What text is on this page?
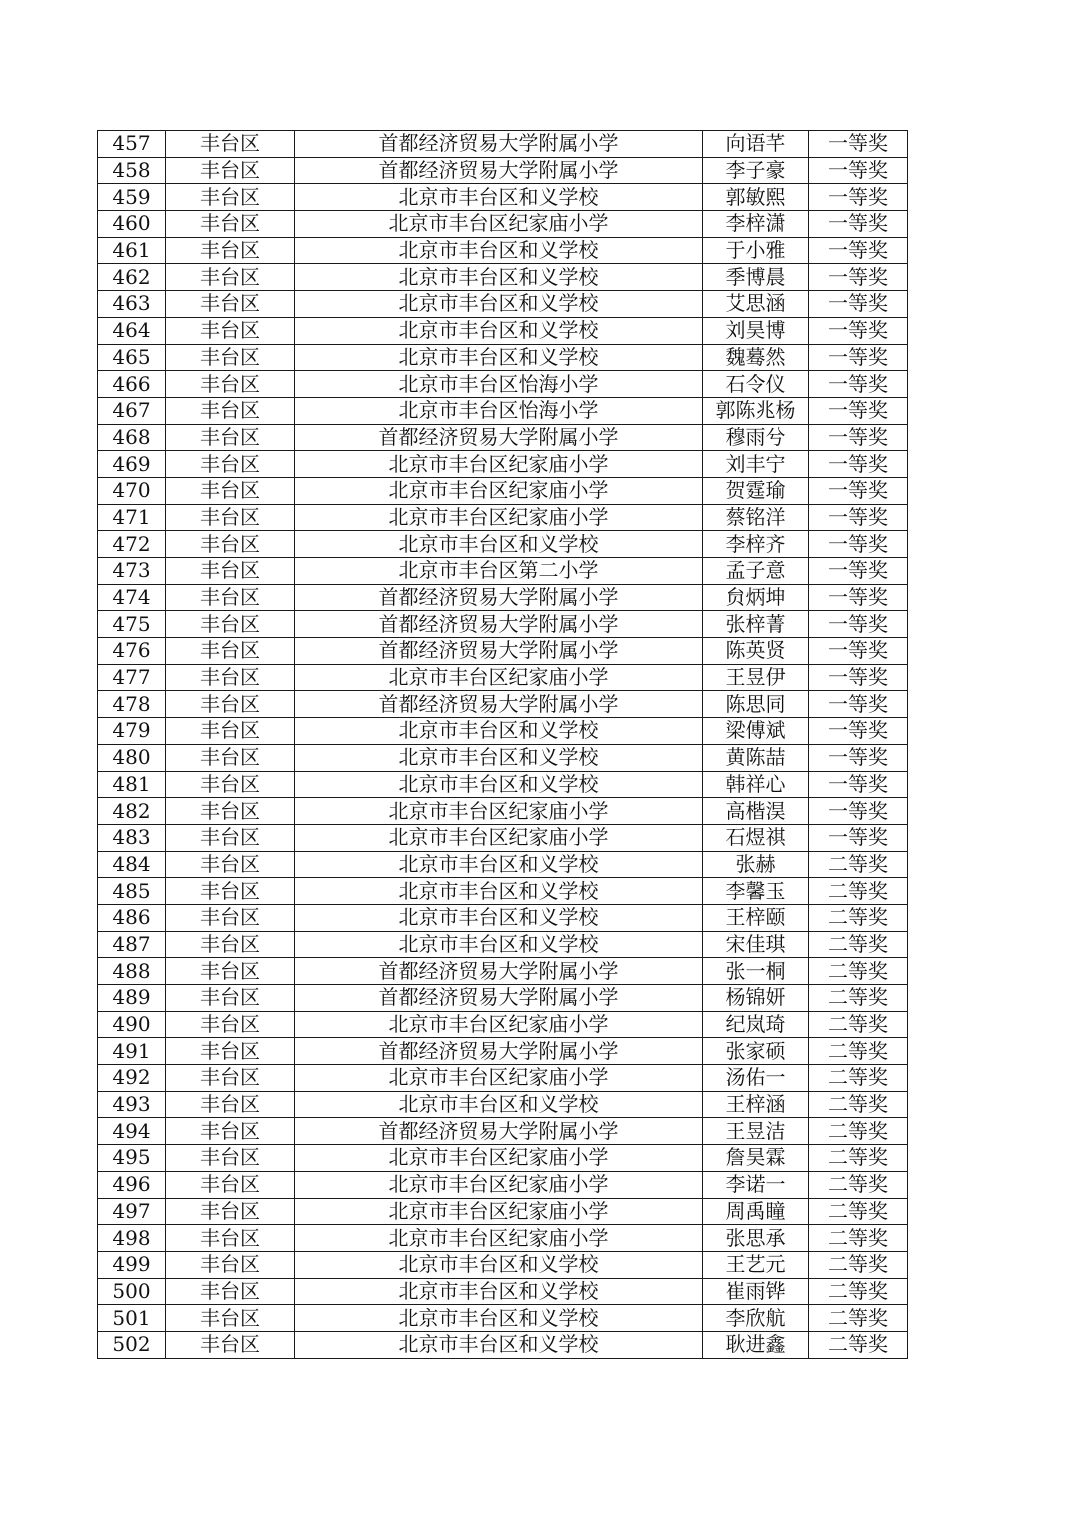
457	丰台区	首都经济贸易大学附属小学	向语芊	一等奖
458	丰台区	首都经济贸易大学附属小学	李子豪	一等奖
459	丰台区	北京市丰台区和义学校	郭敏熙	一等奖
460	丰台区	北京市丰台区纪家庙小学	李梓潇	一等奖
461	丰台区	北京市丰台区和义学校	于小雅	一等奖
462	丰台区	北京市丰台区和义学校	季博晨	一等奖
463	丰台区	北京市丰台区和义学校	艾思涵	一等奖
464	丰台区	北京市丰台区和义学校	刘昊博	一等奖
465	丰台区	北京市丰台区和义学校	魏蓦然	一等奖
466	丰台区	北京市丰台区怡海小学	石令仪	一等奖
467	丰台区	北京市丰台区怡海小学	郭陈兆杨	一等奖
468	丰台区	首都经济贸易大学附属小学	穆雨兮	一等奖
469	丰台区	北京市丰台区纪家庙小学	刘丰宁	一等奖
470	丰台区	北京市丰台区纪家庙小学	贺霆瑜	一等奖
471	丰台区	北京市丰台区纪家庙小学	蔡铭洋	一等奖
472	丰台区	北京市丰台区和义学校	李梓齐	一等奖
473	丰台区	北京市丰台区第二小学	孟子意	一等奖
474	丰台区	首都经济贸易大学附属小学	贠炳坤	一等奖
475	丰台区	首都经济贸易大学附属小学	张梓菁	一等奖
476	丰台区	首都经济贸易大学附属小学	陈英贤	一等奖
477	丰台区	北京市丰台区纪家庙小学	王昱伊	一等奖
478	丰台区	首都经济贸易大学附属小学	陈思同	一等奖
479	丰台区	北京市丰台区和义学校	梁傅斌	一等奖
480	丰台区	北京市丰台区和义学校	黄陈喆	一等奖
481	丰台区	北京市丰台区和义学校	韩祥心	一等奖
482	丰台区	北京市丰台区纪家庙小学	高楷淏	一等奖
483	丰台区	北京市丰台区纪家庙小学	石煜祺	一等奖
484	丰台区	北京市丰台区和义学校	张赫	二等奖
485	丰台区	北京市丰台区和义学校	李馨玉	二等奖
486	丰台区	北京市丰台区和义学校	王梓颐	二等奖
487	丰台区	北京市丰台区和义学校	宋佳琪	二等奖
488	丰台区	首都经济贸易大学附属小学	张一桐	二等奖
489	丰台区	首都经济贸易大学附属小学	杨锦妍	二等奖
490	丰台区	北京市丰台区纪家庙小学	纪岚琦	二等奖
491	丰台区	首都经济贸易大学附属小学	张家硕	二等奖
492	丰台区	北京市丰台区纪家庙小学	汤佑一	二等奖
493	丰台区	北京市丰台区和义学校	王梓涵	二等奖
494	丰台区	首都经济贸易大学附属小学	王昱洁	二等奖
495	丰台区	北京市丰台区纪家庙小学	詹昊霖	二等奖
496	丰台区	北京市丰台区纪家庙小学	李诺一	二等奖
497	丰台区	北京市丰台区纪家庙小学	周禹瞳	二等奖
498	丰台区	北京市丰台区纪家庙小学	张思承	二等奖
499	丰台区	北京市丰台区和义学校	王艺元	二等奖
500	丰台区	北京市丰台区和义学校	崔雨铧	二等奖
501	丰台区	北京市丰台区和义学校	李欣航	二等奖
502	丰台区	北京市丰台区和义学校	耿进鑫	二等奖
